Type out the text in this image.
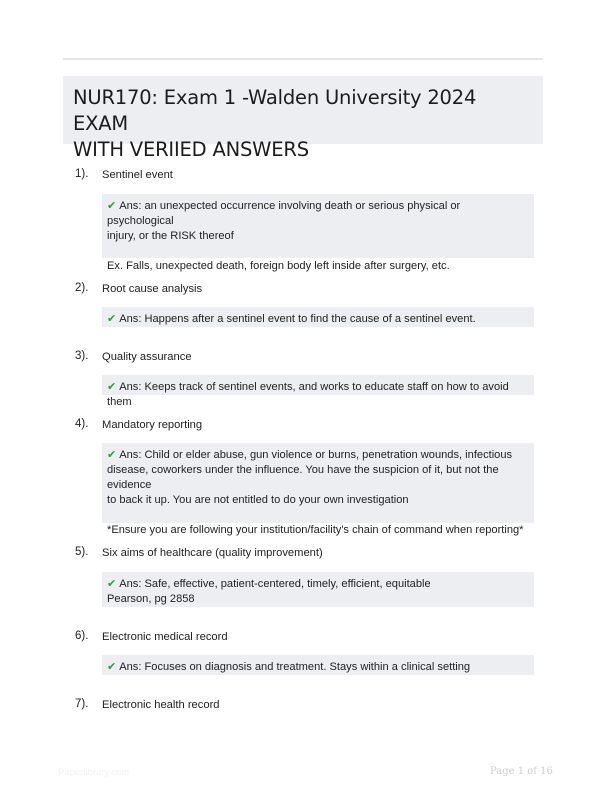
NUR170: Exam 1 -Walden University 2024 EXAM
WITH VERIIED ANSWERS
1). Sentinel event
✔ Ans: an unexpected occurrence involving death or serious physical or psychological
injury, or the RISK thereof
Ex. Falls, unexpected death, foreign body left inside after surgery, etc.
2). Root cause analysis
✔ Ans: Happens after a sentinel event to find the cause of a sentinel event.
3). Quality assurance
✔ Ans: Keeps track of sentinel events, and works to educate staff on how to avoid them
4). Mandatory reporting
✔ Ans: Child or elder abuse, gun violence or burns, penetration wounds, infectious
disease, coworkers under the influence. You have the suspicion of it, but not the evidence
to back it up. You are not entitled to do your own investigation
*Ensure you are following your institution/facility's chain of command when reporting*
5). Six aims of healthcare (quality improvement)
✔ Ans: Safe, effective, patient-centered, timely, efficient, equitable
Pearson, pg 2858
6). Electronic medical record
✔ Ans: Focuses on diagnosis and treatment. Stays within a clinical setting
7). Electronic health record
Paperlibrary.com	Page 1 of 16
